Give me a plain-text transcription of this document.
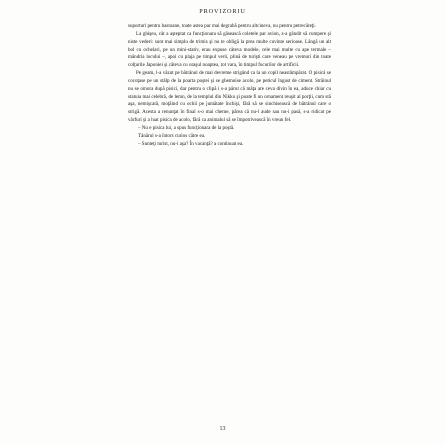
PROVIZORIU

suporturi pentru bastoane, toate astea par mai degrabă pentru altcineva, nu pentru petrecăreţi.

La ghişeu, cât a aşteptat ca funcţionara să găsească coletele par avion, s-a gândit să cumpere şi niste vederi: sunt mai simplu de trimis şi nu te obligă la prea multe cuvinte serioase. Lângă un alt bol cu ochelari, pe un mini-stativ, erau expuse câteva modele, cele mai multe cu ape termale – mândria locului –, apoi cu plaja pe timpul verii, plină de turişti care veneau pe vremuri din toate colţurile Japoniei şi câteva cu oraşul noaptea, tot vara, în timpul focurilor de artificii.

Pe geam, l-a văzut pe bătrânul de mai devreme strigând ca la un copil neastâmpărat. O pisică se cocoţase pe un stâlp de la poarta poştei şi se ghemuise acolo, pe peticul îngust de ciment. Străinul nu se omora după pisici, dar pentru o clipă i s-a părut că mâţa are ceva divin în ea, aduce chiar cu statuia mai celebră, de lemn, de la templul din Nikko şi poate fi un ornament reuşit al porţii, cum stă aşa, nemişcată, moţăind cu ochii pe jumătate închişi, fără să se sinchisească de bătrânul care o strigă. Acesta a renunţat în final s-o mai cheme, părea că nu-l aude sau nu-i pasă, s-a ridicat pe vârfuri şi a luat pisica de acolo, fără ca animalul să se împotrivească în vreun fel.

– Nu e pisica lui, a spus funcţionara de la poştă.

Tânărul s-a întors curios către ea.

– Sunteţi turist, nu-i aşa? În vacanţă? a continuat ea.

13
